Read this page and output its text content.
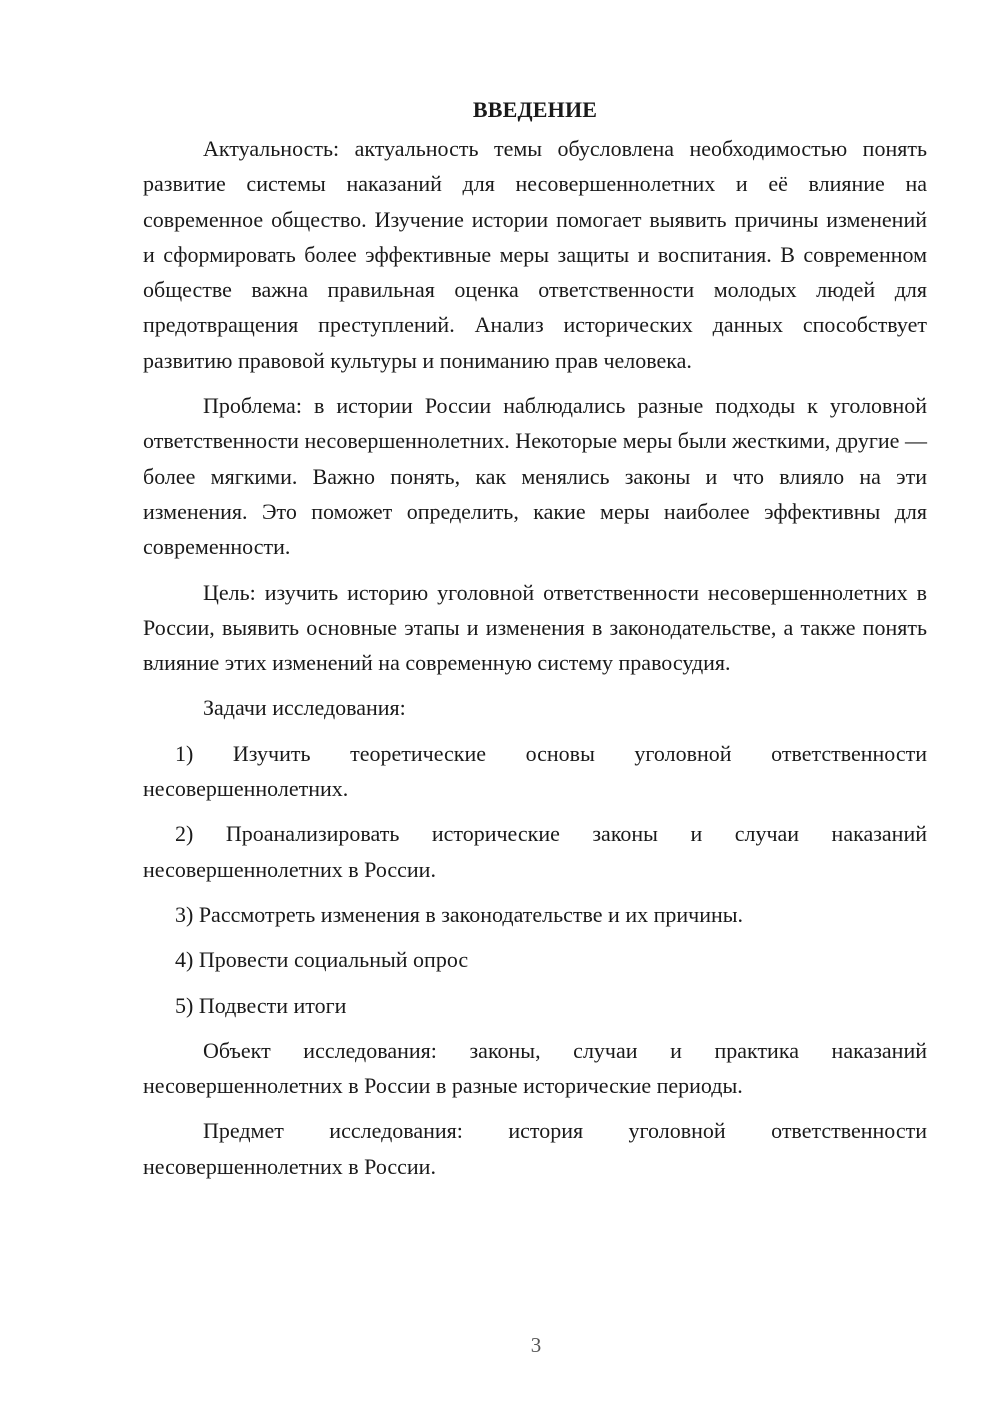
ВВЕДЕНИЕ

Актуальность: актуальность темы обусловлена необходимостью понять развитие системы наказаний для несовершеннолетних и её влияние на современное общество. Изучение истории помогает выявить причины изменений и сформировать более эффективные меры защиты и воспитания. В современном обществе важна правильная оценка ответственности молодых людей для предотвращения преступлений. Анализ исторических данных способствует развитию правовой культуры и пониманию прав человека.

Проблема: в истории России наблюдались разные подходы к уголовной ответственности несовершеннолетних. Некоторые меры были жесткими, другие — более мягкими. Важно понять, как менялись законы и что влияло на эти изменения. Это поможет определить, какие меры наиболее эффективны для современности.

Цель: изучить историю уголовной ответственности несовершеннолетних в России, выявить основные этапы и изменения в законодательстве, а также понять влияние этих изменений на современную систему правосудия.

Задачи исследования:

1) Изучить теоретические основы уголовной ответственности несовершеннолетних.

2) Проанализировать исторические законы и случаи наказаний несовершеннолетних в России.

3) Рассмотреть изменения в законодательстве и их причины.

4) Провести социальный опрос

5) Подвести итоги

Объект исследования: законы, случаи и практика наказаний несовершеннолетних в России в разные исторические периоды.

Предмет исследования: история уголовной ответственности несовершеннолетних в России.

3
